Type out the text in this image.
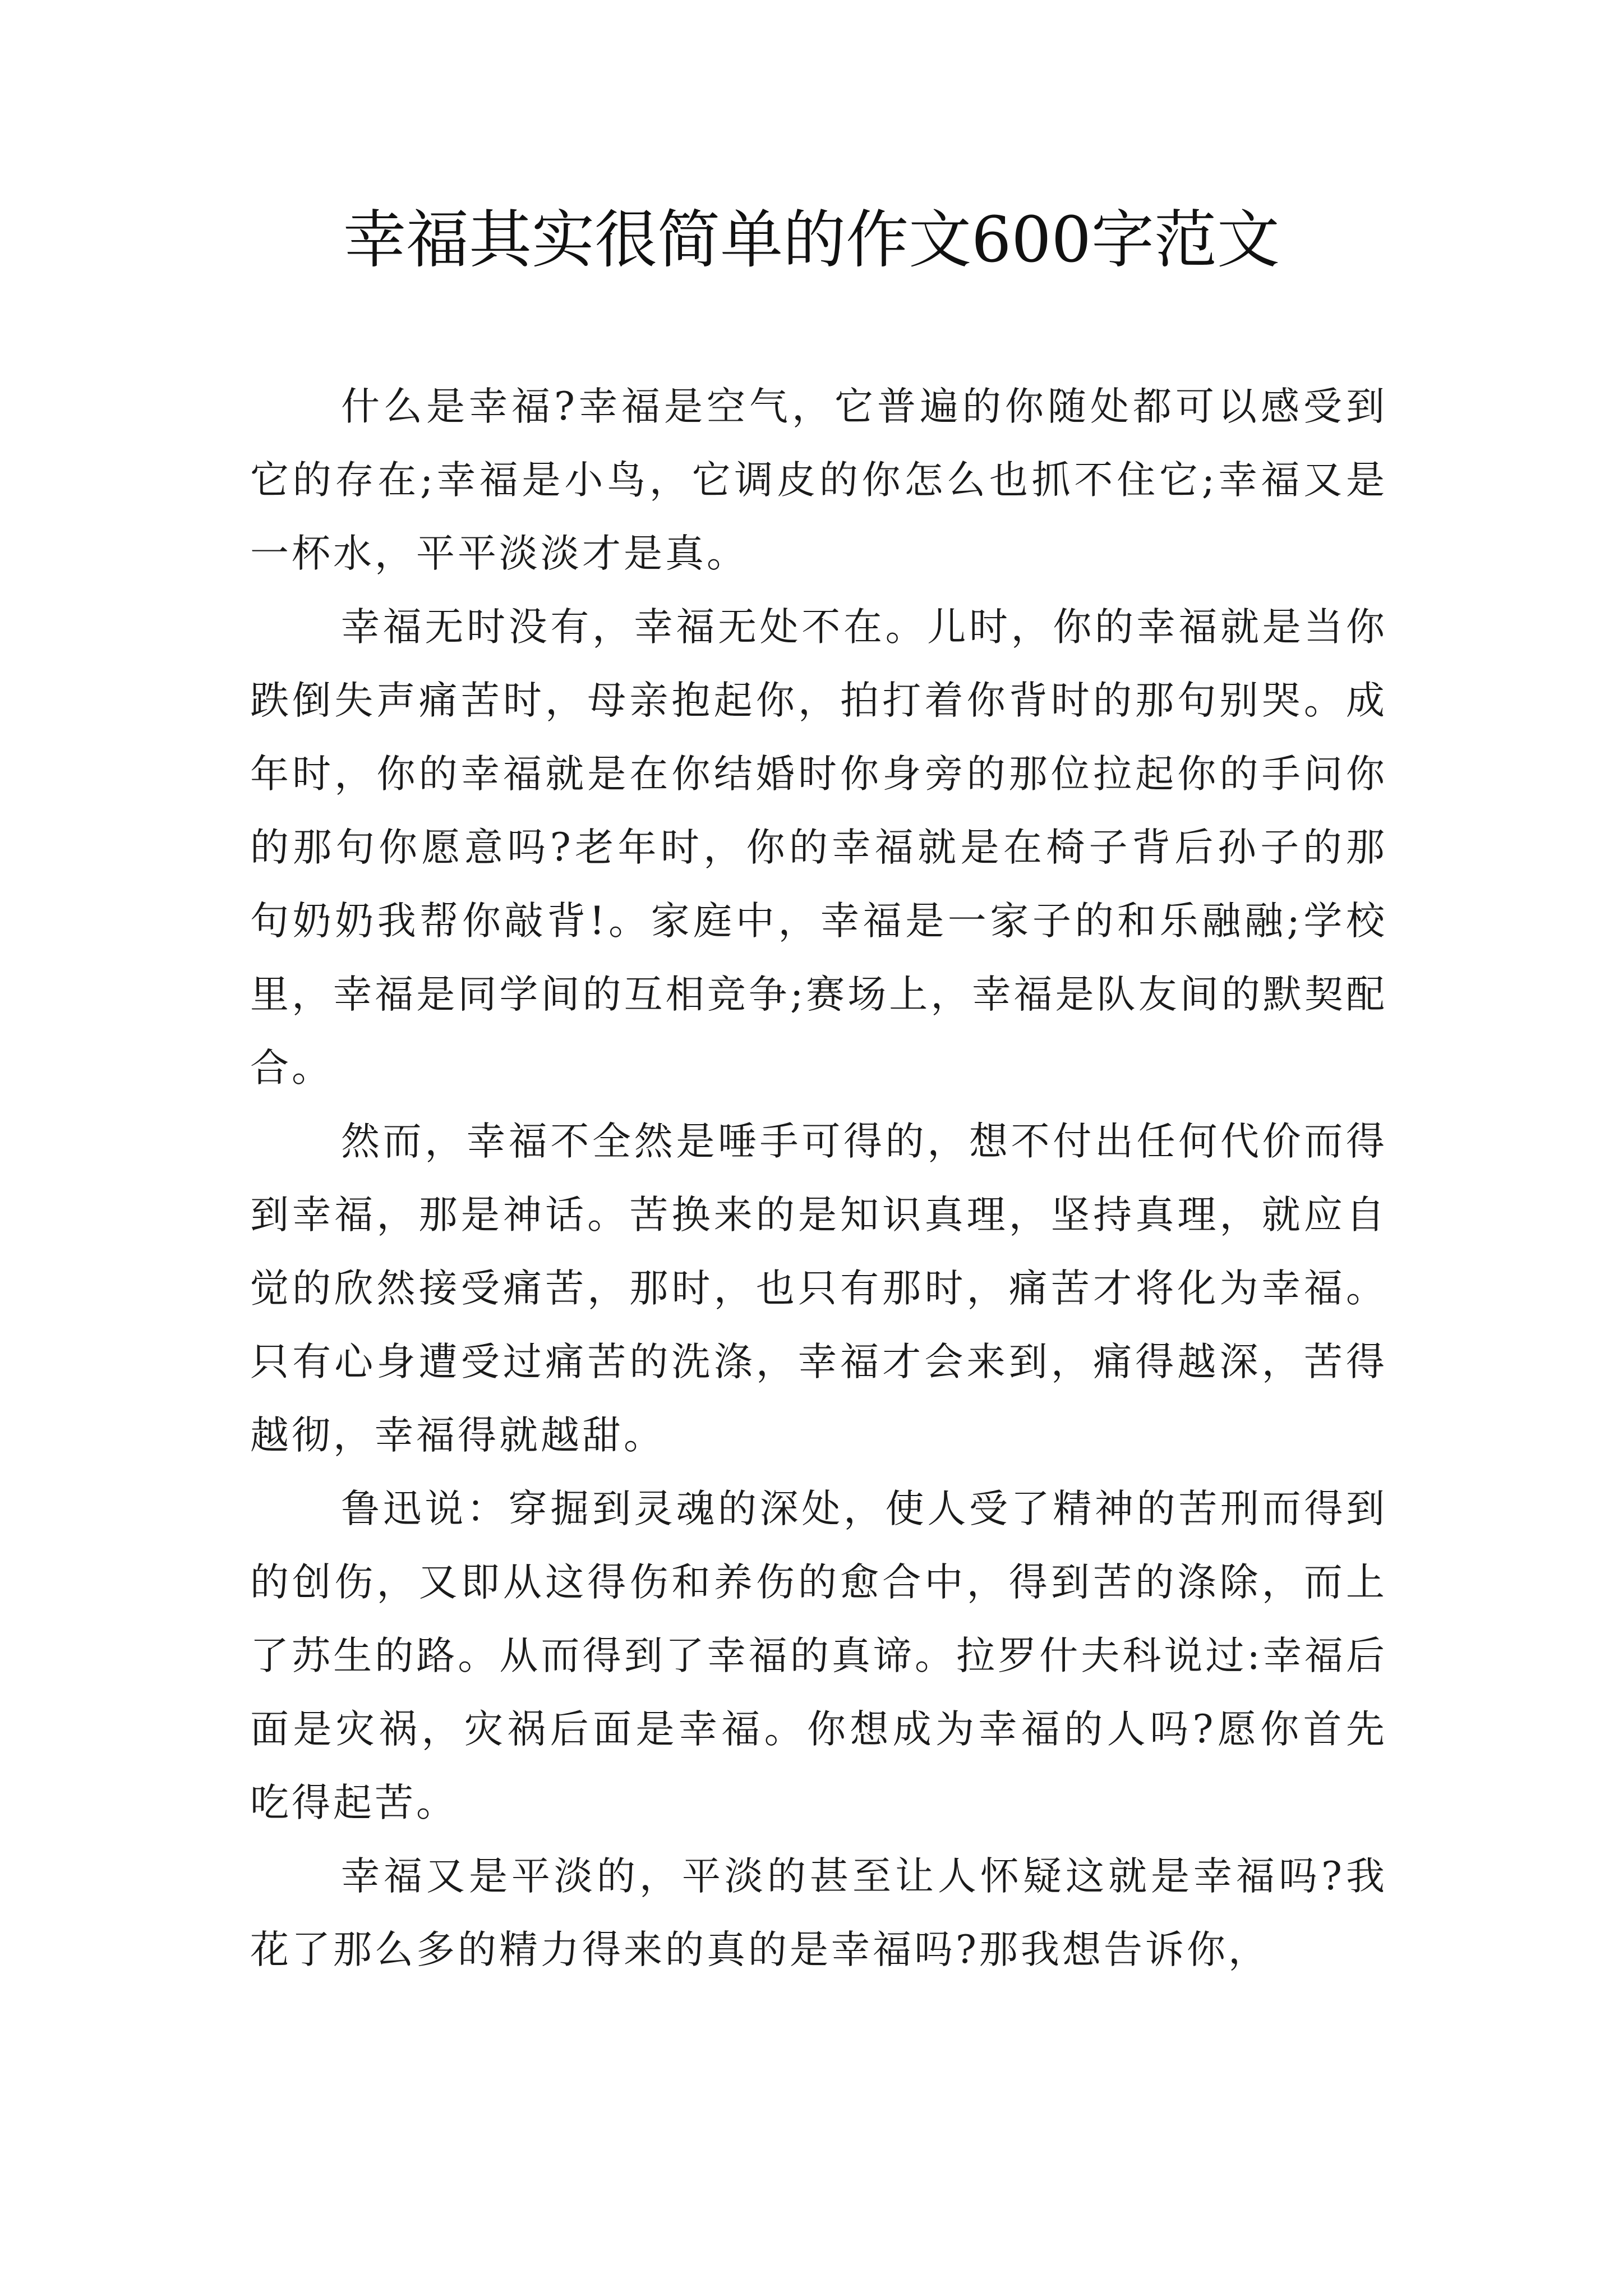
幸福其实很简单的作文600字范文

什么是幸福?幸福是空气，它普遍的你随处都可以感受到它的存在;幸福是小鸟，它调皮的你怎么也抓不住它;幸福又是一杯水，平平淡淡才是真。

幸福无时没有，幸福无处不在。儿时，你的幸福就是当你跌倒失声痛苦时，母亲抱起你，拍打着你背时的那句别哭。成年时，你的幸福就是在你结婚时你身旁的那位拉起你的手问你的那句你愿意吗?老年时，你的幸福就是在椅子背后孙子的那句奶奶我帮你敲背!。家庭中，幸福是一家子的和乐融融;学校里，幸福是同学间的互相竞争;赛场上，幸福是队友间的默契配合。

然而，幸福不全然是唾手可得的，想不付出任何代价而得到幸福，那是神话。苦换来的是知识真理，坚持真理，就应自觉的欣然接受痛苦，那时，也只有那时，痛苦才将化为幸福。只有心身遭受过痛苦的洗涤，幸福才会来到，痛得越深，苦得越彻，幸福得就越甜。

鲁迅说：穿掘到灵魂的深处，使人受了精神的苦刑而得到的创伤，又即从这得伤和养伤的愈合中，得到苦的涤除，而上了苏生的路。从而得到了幸福的真谛。拉罗什夫科说过:幸福后面是灾祸，灾祸后面是幸福。你想成为幸福的人吗?愿你首先吃得起苦。

幸福又是平淡的，平淡的甚至让人怀疑这就是幸福吗?我花了那么多的精力得来的真的是幸福吗?那我想告诉你，
